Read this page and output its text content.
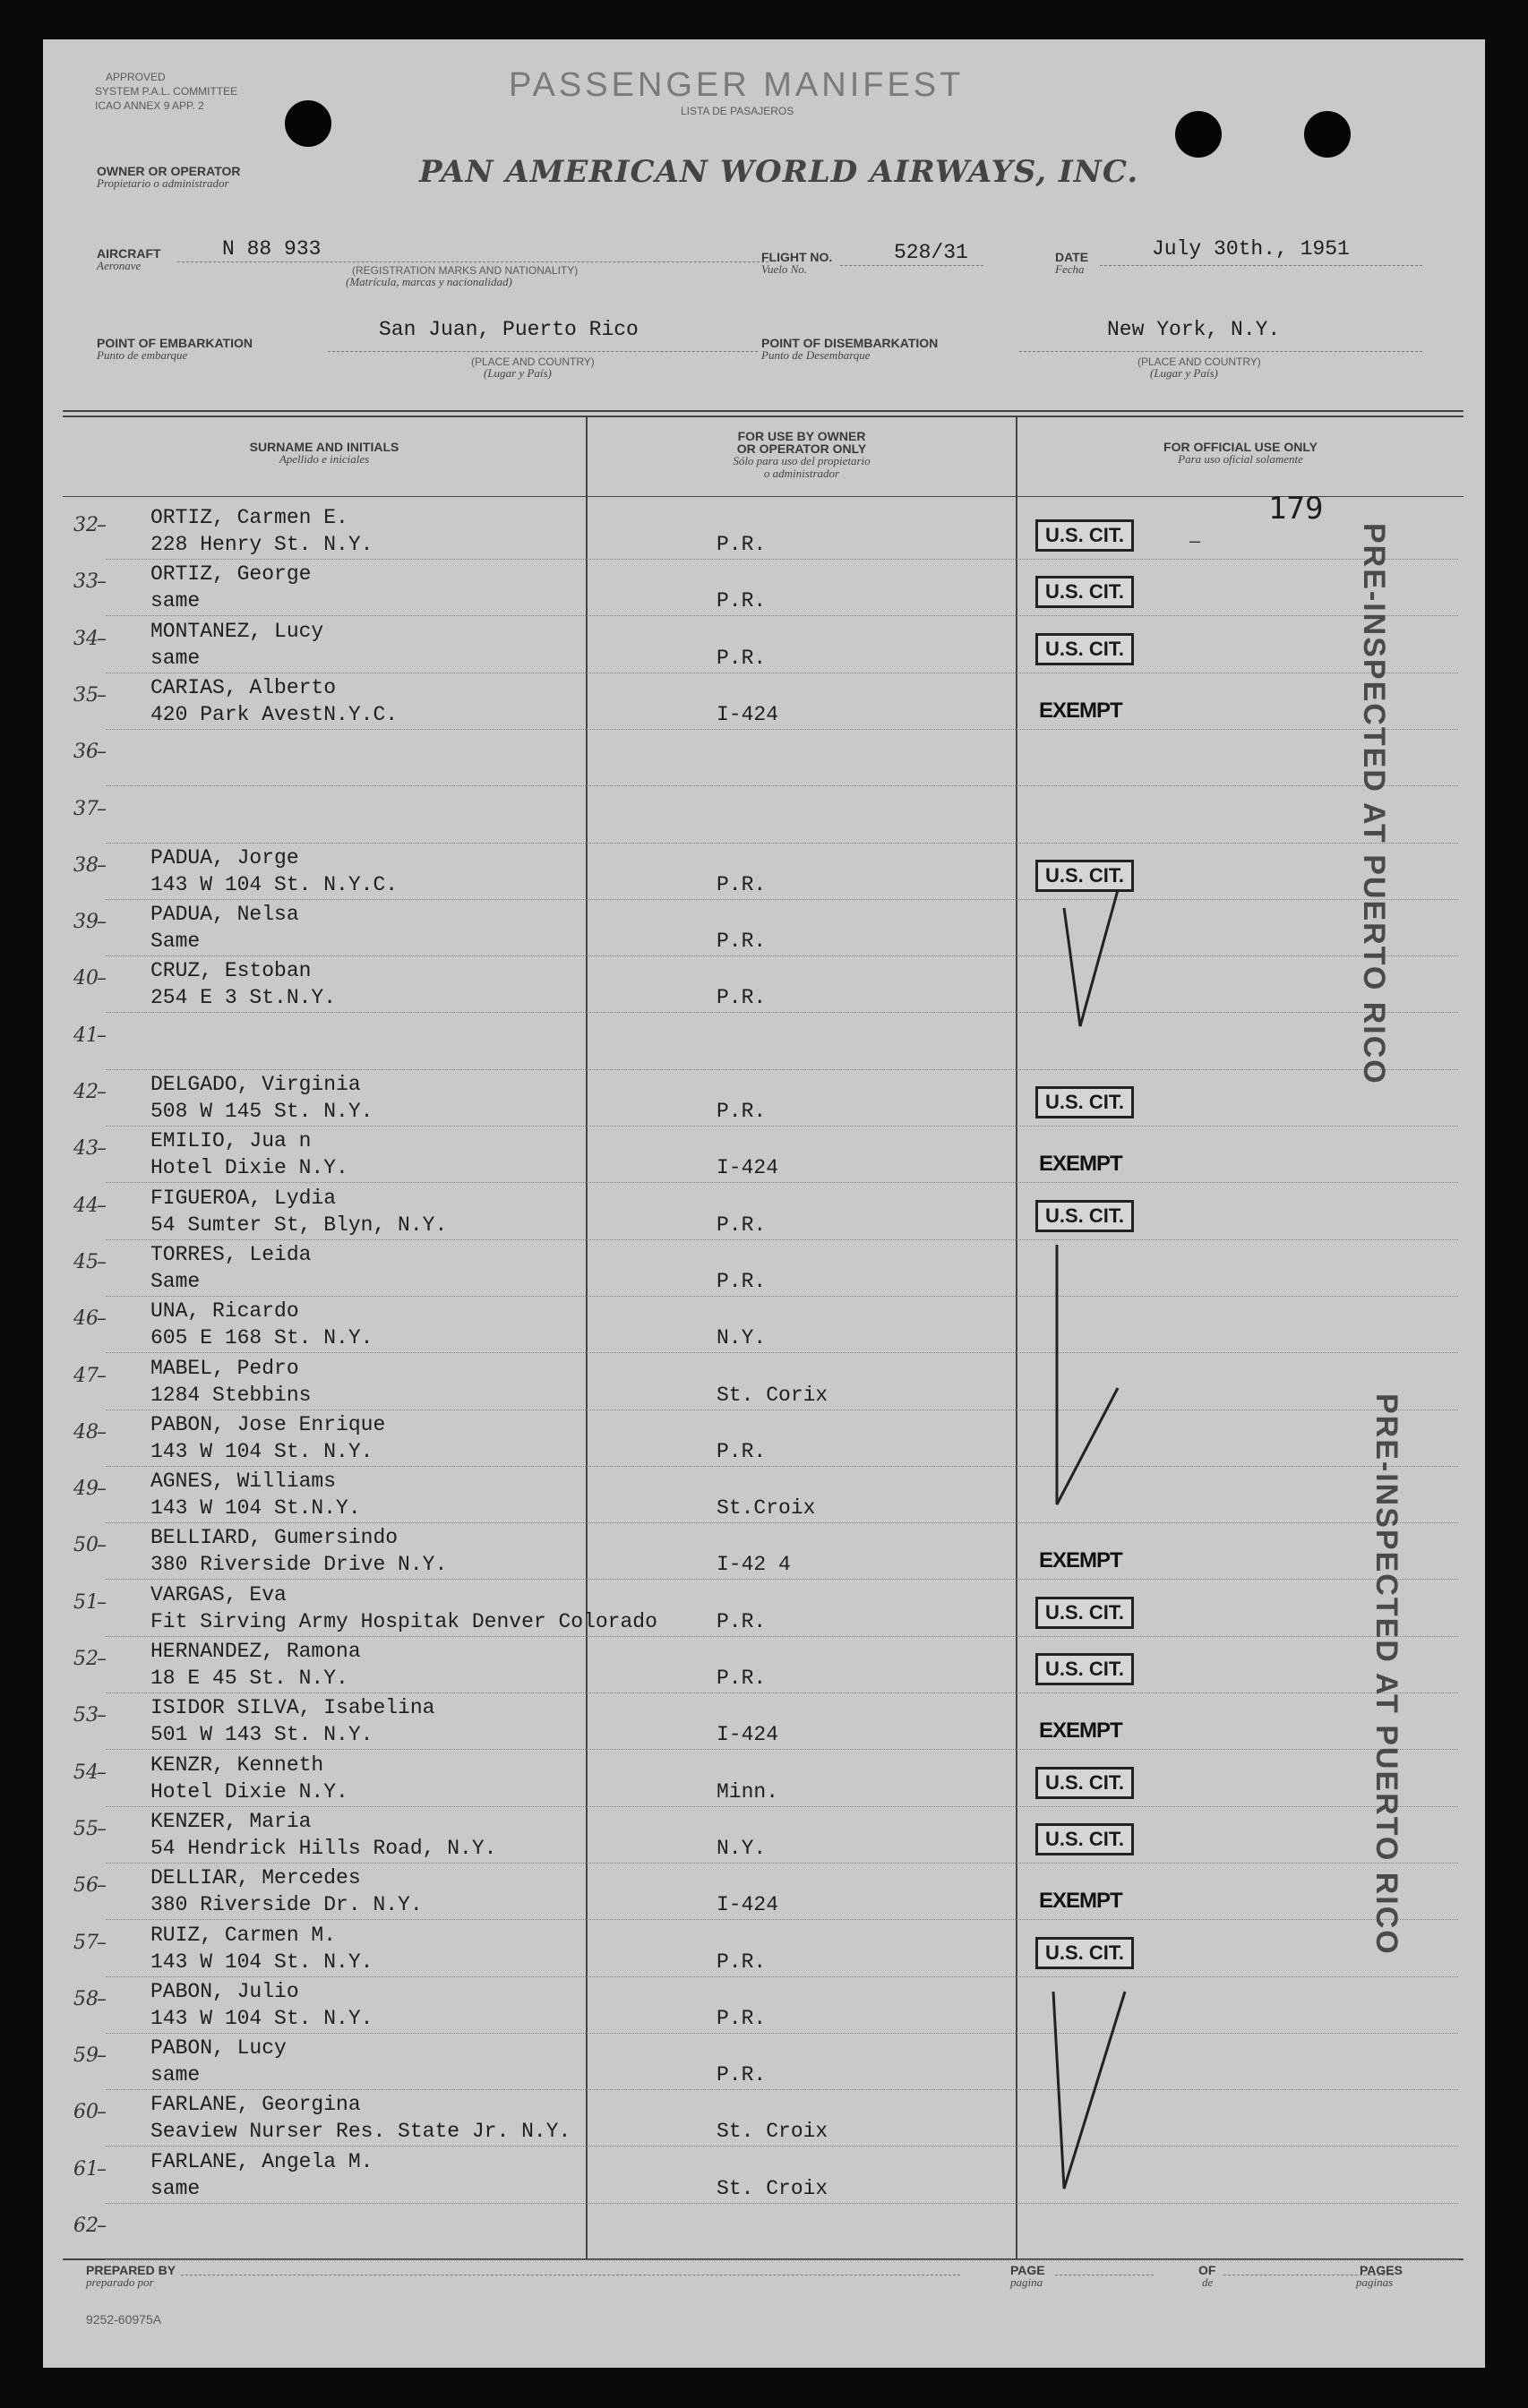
APPROVED
SYSTEM P.A.L. COMMITTEE
ICAO ANNEX 9 APP. 2
PASSENGER MANIFEST
LISTA DE PASAJEROS
OWNER OR OPERATOR
Propietario o administrador	PAN AMERICAN WORLD AIRWAYS, INC.
AIRCRAFT
Aeronave
N 88 933
(REGISTRATION MARKS AND NATIONALITY)
(Matrícula, marcas y nacionalidad)
FLIGHT NO.
Vuelo No.
528/31	DATE
Fecha
July 30th., 1951
POINT OF EMBARKATION
Punto de embarque
San Juan, Puerto Rico
(PLACE AND COUNTRY)
(Lugar y País)
POINT OF DISEMBARKATION
Punto de Desembarque
New York, N.Y.
(PLACE AND COUNTRY)
(Lugar y País)
SURNAME AND INITIALS
Apellido e iniciales
FOR USE BY OWNER
OR OPERATOR ONLY
Sólo para uso del propietario
o administrador
FOR OFFICIAL USE ONLY
Para uso oficial solamente
–
179
32
– ORTIZ, Carmen E.
228 Henry St. N.Y.	P.R.	U.S. CIT.
33
– ORTIZ, George
same	P.R.	U.S. CIT.
34
– MONTANEZ, Lucy
same	P.R.	U.S. CIT.
35
– CARIAS, Alberto
420 Park AvestN.Y.C.	I-424	EXEMPT
36
–
37
–
38
– PADUA, Jorge
143 W 104 St. N.Y.C.	P.R.	U.S. CIT.
39
– PADUA, Nelsa
Same	P.R.
40
– CRUZ, Estoban
254 E 3 St.N.Y.	P.R.
41
–
42
– DELGADO, Virginia
508 W 145 St. N.Y.	P.R.	U.S. CIT.
43
– EMILIO, Jua n
Hotel Dixie N.Y.	I-424	EXEMPT
44
– FIGUEROA, Lydia
54 Sumter St, Blyn, N.Y.	P.R.	U.S. CIT.
45
– TORRES, Leida
Same	P.R.
46
– UNA, Ricardo
605 E 168 St. N.Y.	N.Y.
47
– MABEL, Pedro
1284 Stebbins	St. Corix
48
– PABON, Jose Enrique
143 W 104 St. N.Y.	P.R.
49
– AGNES, Williams
143 W 104 St.N.Y.	St.Croix
50
– BELLIARD, Gumersindo
380 Riverside Drive N.Y.	I-42 4	EXEMPT
51
– VARGAS, Eva
Fit Sirving Army Hospitak Denver Colorado	P.R.	U.S. CIT.
52
– HERNANDEZ, Ramona
18 E 45 St. N.Y.	P.R.	U.S. CIT.
53
– ISIDOR SILVA, Isabelina
501 W 143 St. N.Y.	I-424	EXEMPT
54
– KENZR, Kenneth
Hotel Dixie N.Y.	Minn.	U.S. CIT.
55
– KENZER, Maria
54 Hendrick Hills Road, N.Y.	N.Y.	U.S. CIT.
56
– DELLIAR, Mercedes
380 Riverside Dr. N.Y.	I-424	EXEMPT
57
– RUIZ, Carmen M.
143 W 104 St. N.Y.	P.R.	U.S. CIT.
58
– PABON, Julio
143 W 104 St. N.Y.	P.R.
59
– PABON, Lucy
same	P.R.
60
– FARLANE, Georgina
Seaview Nurser Res. State Jr. N.Y.	St. Croix
61
– FARLANE, Angela M.
same	St. Croix
62
–
PRE-INSPECTED AT PUERTO RICO
PRE-INSPECTED AT PUERTO RICO
PREPARED BY
preparado por
PAGE
pagina
OF
de
PAGES
paginas
9252-60975A
